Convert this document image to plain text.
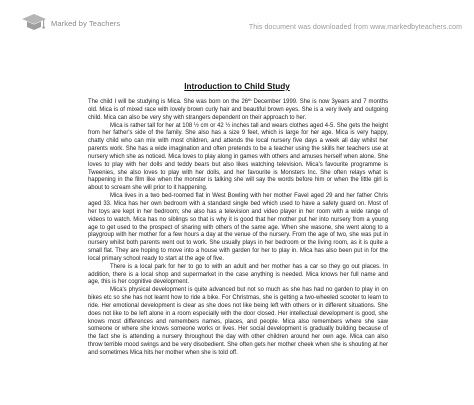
Marked by Teachers	This document was downloaded from www.markedbyteachers.com
Introduction to Child Study

The child I will be studying is Mica. She was born on the 26th December 1999. She is now 3years and 7 months old. Mica is of mixed race with lovely brown curly hair and beautiful brown eyes. She is a very lively and outgoing child. Mica can also be very shy with strangers dependent on their approach to her.

Mica is rather tall for her at 108 ½ cm or 42 ½ inches tall and wears clothes aged 4-5. She gets the height from her father's side of the family. She also has a size 9 feet, which is large for her age. Mica is very happy, chatty child who can mix with most children, and attends the local nursery five days a week all day whilst her parents work. She has a wide imagination and often pretends to be a teacher using the skills her teachers use at nursery which she as noticed. Mica loves to play along in games with others and amuses herself when alone. She loves to play with her dolls and teddy bears but also likes watching television. Mica's favourite programme is Tweenies, she also loves to play with her dolls, and her favourite is Monsters Inc. She often relays what is happening in the film like when the monster is talking she will say the words before him or when the little girl is about to scream she will prior to it happening.

Mica lives in a two bed-roomed flat in West Bowling with her mother Favel aged 29 and her father Chris aged 33. Mica has her own bedroom with a standard single bed which used to have a safety guard on. Most of her toys are kept in her bedroom; she also has a television and video player in her room with a wide range of videos to watch. Mica has no siblings so that is why it is good that her mother put her into nursery from a young age to get used to the prospect of sharing with others of the same age. When she wasone, she went along to a playgroup with her mother for a few hours a day at the venue of the nursery. From the age of two, she was put in nursery whilst both parents went out to work. She usually plays in her bedroom or the living room, as it is quite a small flat. They are hoping to move into a house with garden for her to play in. Mica has also been put in for the local primary school ready to start at the age of five.

There is a local park for her to go to with an adult and her mother has a car so they go out places. In addition, there is a local shop and supermarket in the case anything is needed. Mica knows her full name and age, this is her cognitive development.

Mica's physical development is quite advanced but not so much as she has had no garden to play in on bikes etc so she has not learnt how to ride a bike. For Christmas, she is getting a two-wheeled scooter to learn to ride. Her emotional development is clear as she does not like being left with others or in different situations. She does not like to be left alone in a room especially with the door closed. Her intellectual development is good, she knows most differences and remembers names, places, and people. Mica also remembers where she saw someone or where she knows someone works or lives. Her social development is gradually building because of the fact she is attending a nursery throughout the day with other children around her own age. Mica can also throw terrible mood swings and be very disobedient. She often gets her mother cheek when she is shouting at her and sometimes Mica hits her mother when she is told off.
